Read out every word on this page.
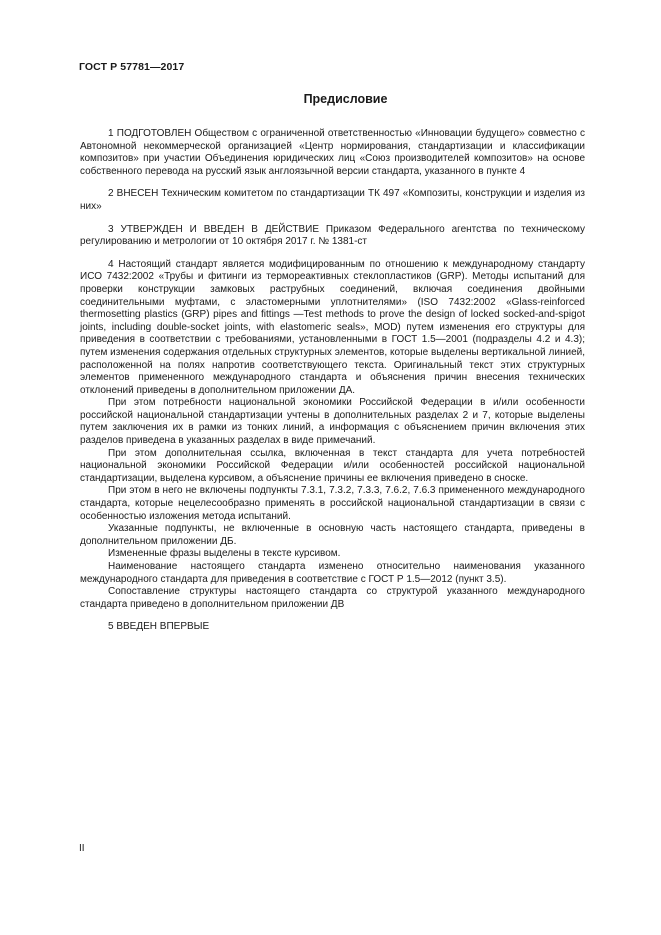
ГОСТ Р 57781—2017
Предисловие

1 ПОДГОТОВЛЕН Обществом с ограниченной ответственностью «Инновации будущего» совместно с Автономной некоммерческой организацией «Центр нормирования, стандартизации и классификации композитов» при участии Объединения юридических лиц «Союз производителей композитов» на основе собственного перевода на русский язык англоязычной версии стандарта, указанного в пункте 4

2 ВНЕСЕН Техническим комитетом по стандартизации ТК 497 «Композиты, конструкции и изделия из них»

3 УТВЕРЖДЕН И ВВЕДЕН В ДЕЙСТВИЕ Приказом Федерального агентства по техническому регулированию и метрологии от 10 октября 2017 г. № 1381-ст

4 Настоящий стандарт является модифицированным по отношению к международному стандарту ИСО 7432:2002 «Трубы и фитинги из термореактивных стеклопластиков (GRP). Методы испытаний для проверки конструкции замковых раструбных соединений, включая соединения двойными соединительными муфтами, с эластомерными уплотнителями» (ISO 7432:2002 «Glass-reinforced thermosetting plastics (GRP) pipes and fittings —Test methods to prove the design of locked socked-and-spigot joints, including double-socket joints, with elastomeric seals», MOD) путем изменения его структуры для приведения в соответствии с требованиями, установленными в ГОСТ 1.5—2001 (подразделы 4.2 и 4.3); путем изменения содержания отдельных структурных элементов, которые выделены вертикальной линией, расположенной на полях напротив соответствующего текста. Оригинальный текст этих структурных элементов примененного международного стандарта и объяснения причин внесения технических отклонений приведены в дополнительном приложении ДА.

При этом потребности национальной экономики Российской Федерации в и/или особенности российской национальной стандартизации учтены в дополнительных разделах 2 и 7, которые выделены путем заключения их в рамки из тонких линий, а информация с объяснением причин включения этих разделов приведена в указанных разделах в виде примечаний.

При этом дополнительная ссылка, включенная в текст стандарта для учета потребностей национальной экономики Российской Федерации и/или особенностей российской национальной стандартизации, выделена курсивом, а объяснение причины ее включения приведено в сноске.

При этом в него не включены подпункты 7.3.1, 7.3.2, 7.3.3, 7.6.2, 7.6.3 примененного международного стандарта, которые нецелесообразно применять в российской национальной стандартизации в связи с особенностью изложения метода испытаний.

Указанные подпункты, не включенные в основную часть настоящего стандарта, приведены в дополнительном приложении ДБ.

Измененные фразы выделены в тексте курсивом.

Наименование настоящего стандарта изменено относительно наименования указанного международного стандарта для приведения в соответствие с ГОСТ Р 1.5—2012 (пункт 3.5).

Сопоставление структуры настоящего стандарта со структурой указанного международного стандарта приведено в дополнительном приложении ДВ

5 ВВЕДЕН ВПЕРВЫЕ

II
